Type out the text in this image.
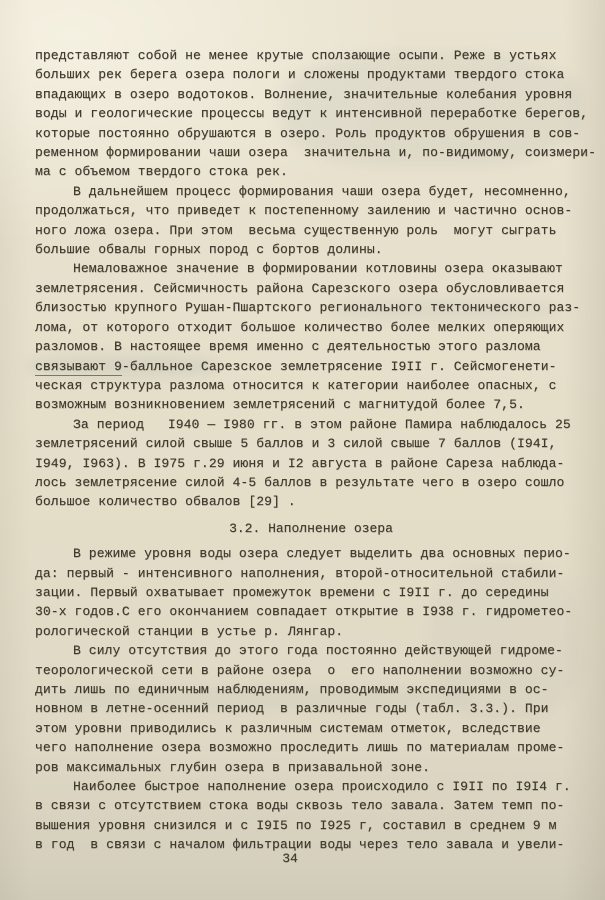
представляют собой не менее крутые сползающие осыпи. Реже в устьях
больших рек берега озера пологи и сложены продуктами твердого стока
впадающих в озеро водотоков. Волнение, значительные колебания уровня
воды и геологические процессы ведут к интенсивной переработке берегов,
которые постоянно обрушаются в озеро. Роль продуктов обрушения в сов-
ременном формировании чаши озера  значительна и, по-видимому, соизмери-
ма с объемом твердого стока рек.
В дальнейшем процесс формирования чаши озера будет, несомненно,
продолжаться, что приведет к постепенному заилению и частично основ-
ного ложа озера. При этом  весьма существенную роль  могут сыграть
большие обвалы горных пород с бортов долины.
Немаловажное значение в формировании котловины озера оказывают
землетрясения. Сейсмичность района Сарезского озера обусловливается
близостью крупного Рушан-Пшартского регионального тектонического раз-
лома, от которого отходит большое количество более мелких оперяющих
разломов. В настоящее время именно с деятельностью этого разлома
связывают 9-балльное Сарезское землетрясение I9II г. Сейсмогенети-
ческая структура разлома относится к категории наиболее опасных, с
возможным возникновением землетрясений с магнитудой более 7,5.
За период   I940 — I980 гг. в этом районе Памира наблюдалось 25
землетрясений силой свыше 5 баллов и 3 силой свыше 7 баллов (I94I,
I949, I963). В I975 г.29 июня и I2 августа в районе Сареза наблюда-
лось землетрясение силой 4-5 баллов в результате чего в озеро сошло
большое количество обвалов [29] .
3.2. Наполнение озера
В режиме уровня воды озера следует выделить два основных перио-
да: первый - интенсивного наполнения, второй-относительной стабили-
зации. Первый охватывает промежуток времени с I9II г. до середины
30-х годов.С его окончанием совпадает открытие в I938 г. гидрометео-
рологической станции в устье р. Лянгар.
В силу отсутствия до этого года постоянно действующей гидроме-
теорологической сети в районе озера  о  его наполнении возможно су-
дить лишь по единичным наблюдениям, проводимым экспедициями в ос-
новном в летне-осенний период  в различные годы (табл. 3.3.). При
этом уровни приводились к различным системам отметок, вследствие
чего наполнение озера возможно проследить лишь по материалам проме-
ров максимальных глубин озера в призавальной зоне.
Наиболее быстрое наполнение озера происходило с I9II по I9I4 г.
в связи с отсутствием стока воды сквозь тело завала. Затем темп по-
вышения уровня снизился и с I9I5 по I925 г, составил в среднем 9 м
в год  в связи с началом фильтрации воды через тело завала и увели-
34
